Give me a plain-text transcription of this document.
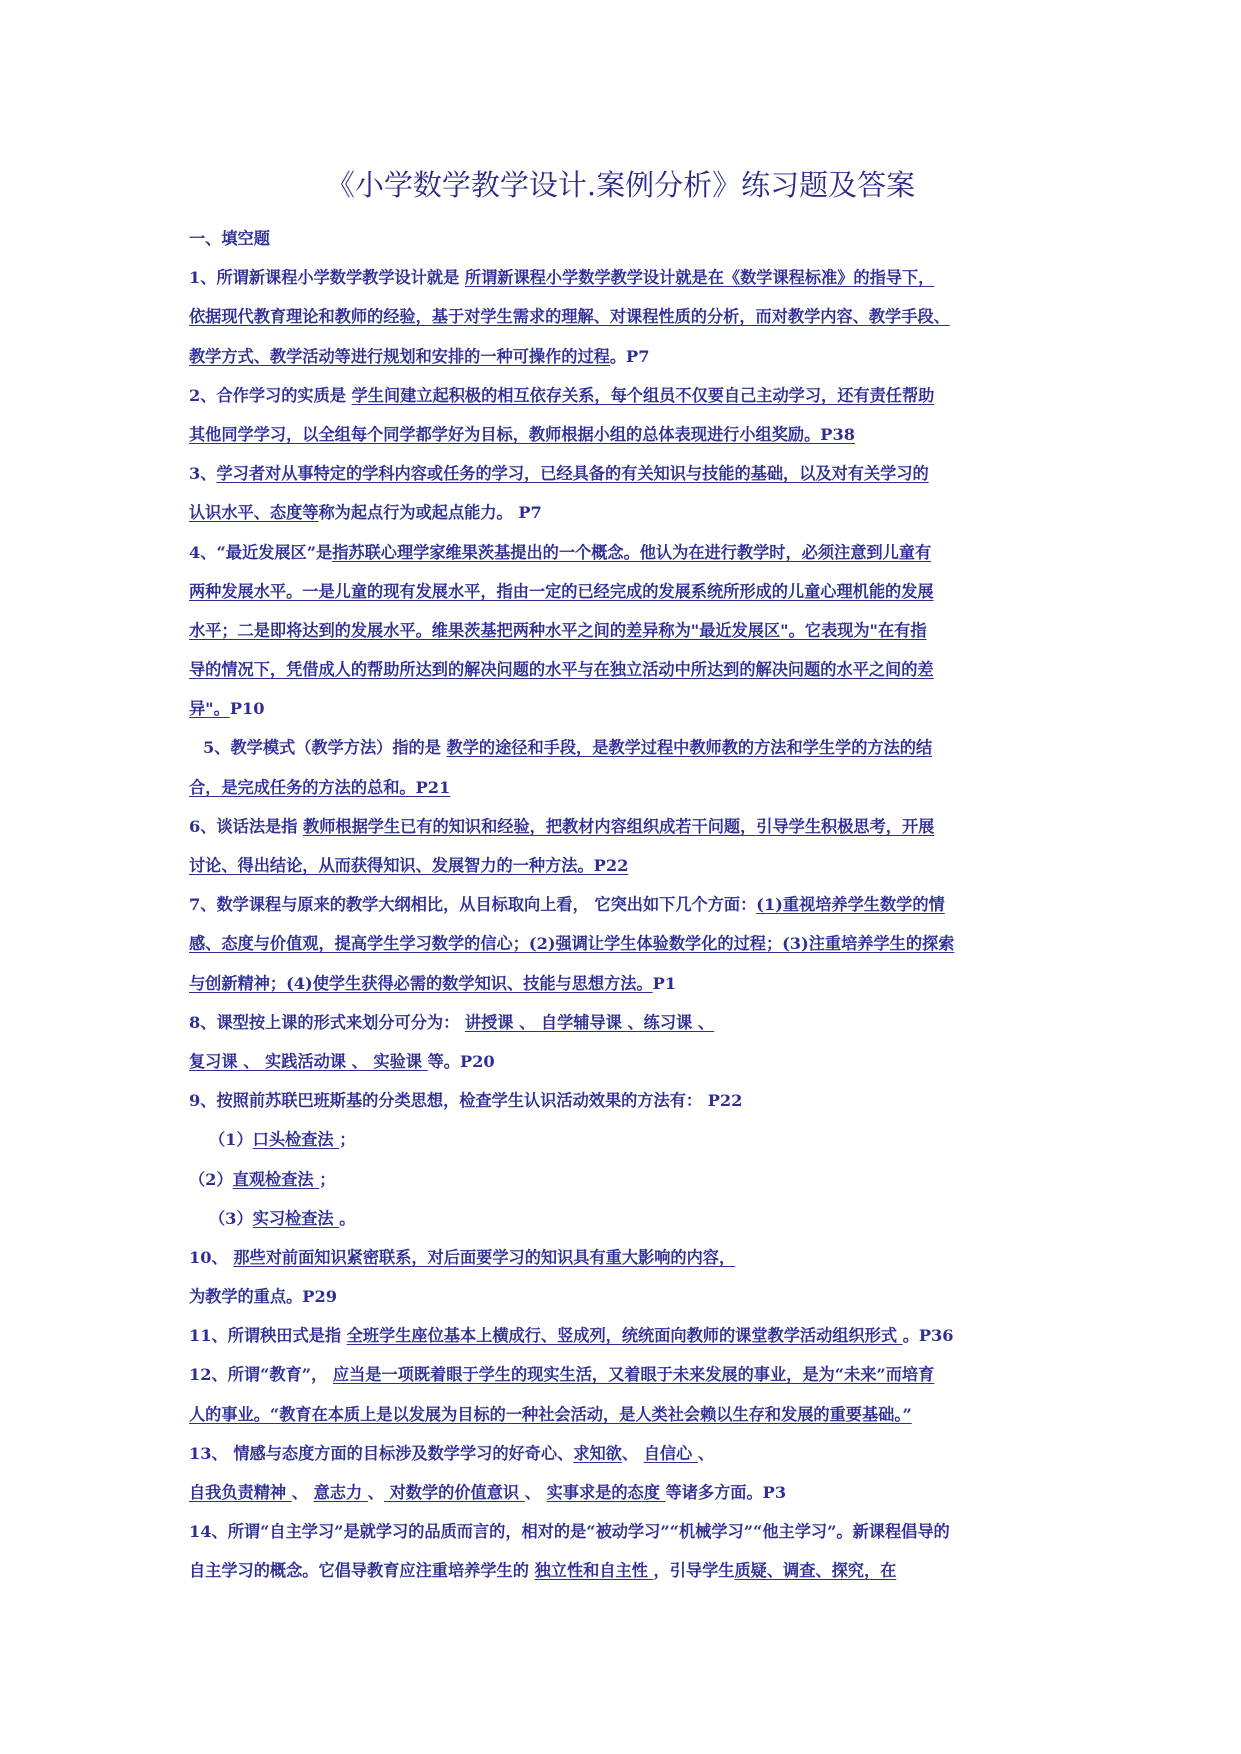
《小学数学教学设计.案例分析》练习题及答案
一、填空题
1、所谓新课程小学数学教学设计就是 所谓新课程小学数学教学设计就是在《数学课程标准》的指导下，
依据现代教育理论和教师的经验，基于对学生需求的理解、对课程性质的分析，而对教学内容、教学手段、
教学方式、教学活动等进行规划和安排的一种可操作的过程。P7
2、合作学习的实质是 学生间建立起积极的相互依存关系，每个组员不仅要自己主动学习，还有责任帮助
其他同学学习，以全组每个同学都学好为目标，教师根据小组的总体表现进行小组奖励。P38
3、学习者对从事特定的学科内容或任务的学习，已经具备的有关知识与技能的基础，以及对有关学习的
认识水平、态度等称为起点行为或起点能力。 P7
4、“最近发展区”是指苏联心理学家维果茨基提出的一个概念。他认为在进行教学时，必须注意到儿童有
两种发展水平。一是儿童的现有发展水平，指由一定的已经完成的发展系统所形成的儿童心理机能的发展
水平；二是即将达到的发展水平。维果茨基把两种水平之间的差异称为"最近发展区"。它表现为"在有指
导的情况下，凭借成人的帮助所达到的解决问题的水平与在独立活动中所达到的解决问题的水平之间的差
异"。P10
5、教学模式（教学方法）指的是 教学的途径和手段，是教学过程中教师教的方法和学生学的方法的结
合，是完成任务的方法的总和。P21
6、谈话法是指 教师根据学生已有的知识和经验，把教材内容组织成若干问题，引导学生积极思考，开展
讨论、得出结论，从而获得知识、发展智力的一种方法。P22
7、数学课程与原来的教学大纲相比，从目标取向上看， 它突出如下几个方面：(1)重视培养学生数学的情
感、态度与价值观，提高学生学习数学的信心；(2)强调让学生体验数学化的过程；(3)注重培养学生的探索
与创新精神；(4)使学生获得必需的数学知识、技能与思想方法。P1
8、课型按上课的形式来划分可分为： 讲授课 、 自学辅导课 、练习课 、
复习课 、 实践活动课 、 实验课 等。P20
9、按照前苏联巴班斯基的分类思想，检查学生认识活动效果的方法有： P22
（1）口头检查法 ；
（2）直观检查法 ；
（3）实习检查法 。
10、 那些对前面知识紧密联系，对后面要学习的知识具有重大影响的内容，
为教学的重点。P29
11、所谓秧田式是指 全班学生座位基本上横成行、竖成列，统统面向教师的课堂教学活动组织形式 。P36
12、所谓“教育”， 应当是一项既着眼于学生的现实生活，又着眼于未来发展的事业，是为“未来”而培育
人的事业。“教育在本质上是以发展为目标的一种社会活动，是人类社会赖以生存和发展的重要基础。”
13、 情感与态度方面的目标涉及数学学习的好奇心、求知欲、 自信心 、
自我负责精神 、 意志力 、 对数学的价值意识 、 实事求是的态度 等诸多方面。P3
14、所谓“自主学习”是就学习的品质而言的，相对的是“被动学习”“机械学习”“他主学习”。新课程倡导的
自主学习的概念。它倡导教育应注重培养学生的 独立性和自主性 ，引导学生质疑、调查、探究，在
